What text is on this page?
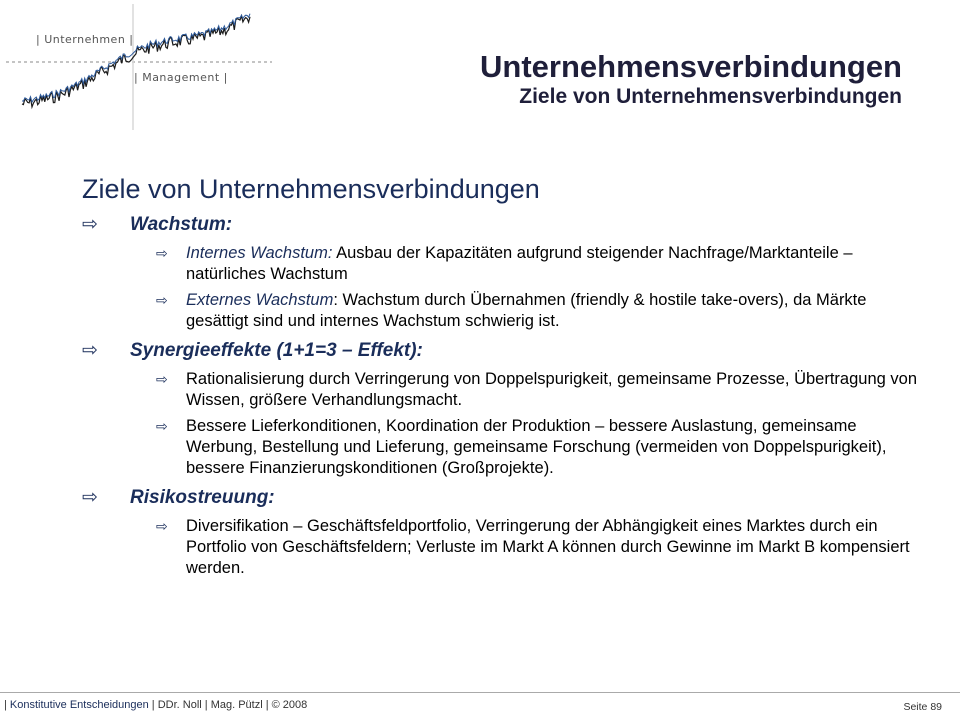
| Unternehmen |
| Management |	Unternehmensverbindungen
Ziele von Unternehmensverbindungen
Ziele von Unternehmensverbindungen
⇨ Wachstum:
⇨ Internes Wachstum: Ausbau der Kapazitäten aufgrund steigender Nachfrage/Marktanteile – natürliches Wachstum
⇨ Externes Wachstum: Wachstum durch Übernahmen (friendly & hostile take-overs), da Märkte gesättigt sind und internes Wachstum schwierig ist.
⇨ Synergieeffekte (1+1=3 – Effekt):
⇨ Rationalisierung durch Verringerung von Doppelspurigkeit, gemeinsame Prozesse, Übertragung von Wissen, größere Verhandlungsmacht.
⇨ Bessere Lieferkonditionen, Koordination der Produktion – bessere Auslastung, gemeinsame Werbung, Bestellung und Lieferung, gemeinsame Forschung (vermeiden von Doppelspurigkeit), bessere Finanzierungskonditionen (Großprojekte).
⇨ Risikostreuung:
⇨ Diversifikation – Geschäftsfeldportfolio, Verringerung der Abhängigkeit eines Marktes durch ein Portfolio von Geschäftsfeldern; Verluste im Markt A können durch Gewinne im Markt B kompensiert werden.
| Konstitutive Entscheidungen | DDr. Noll | Mag. Pützl | © 2008	Seite 89
